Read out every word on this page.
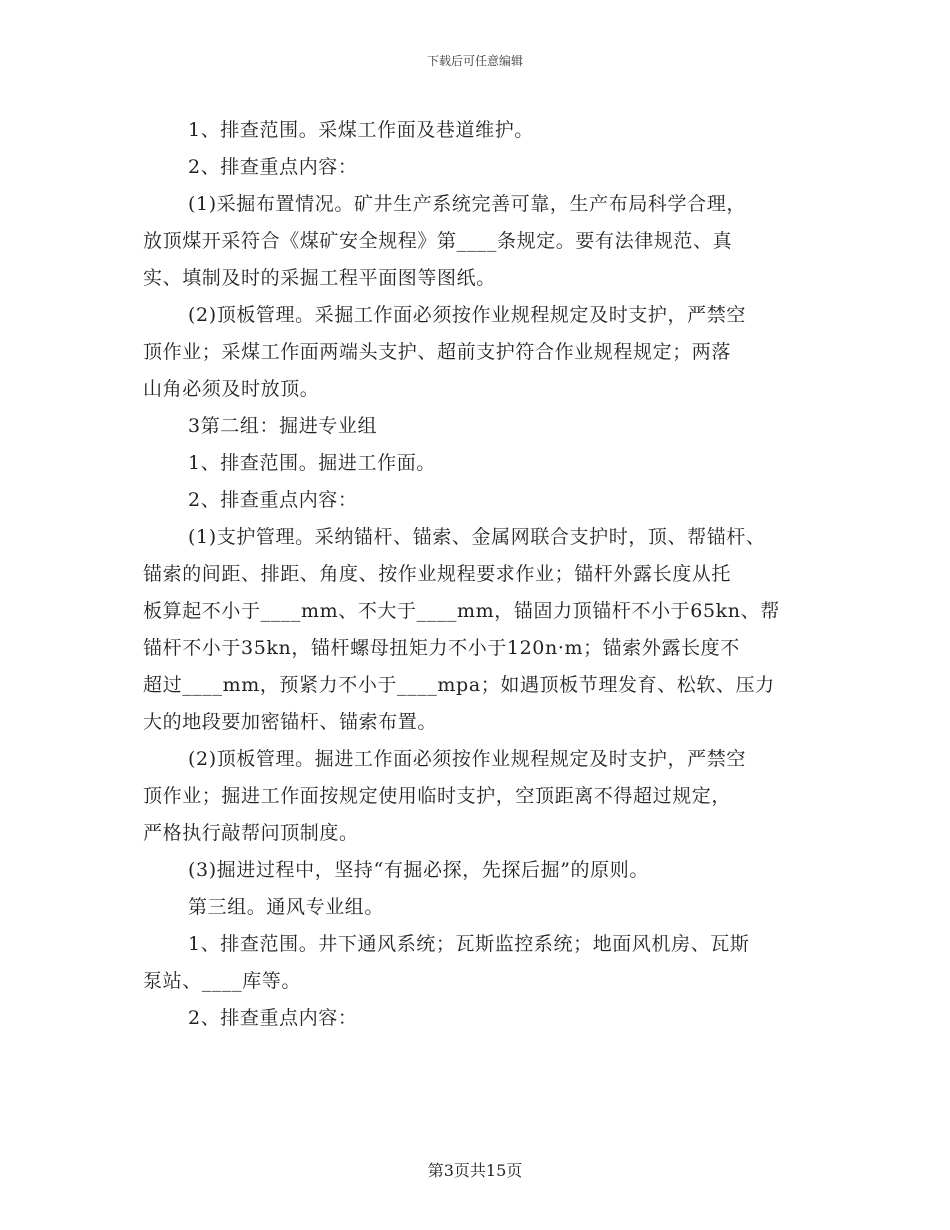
下载后可任意编辑
1、排查范围。采煤工作面及巷道维护。
2、排查重点内容：
(1)采掘布置情况。矿井生产系统完善可靠，生产布局科学合理，
放顶煤开采符合《煤矿安全规程》第____条规定。要有法律规范、真
实、填制及时的采掘工程平面图等图纸。
(2)顶板管理。采掘工作面必须按作业规程规定及时支护，严禁空
顶作业；采煤工作面两端头支护、超前支护符合作业规程规定；两落
山角必须及时放顶。
3第二组：掘进专业组
1、排查范围。掘进工作面。
2、排查重点内容：
(1)支护管理。采纳锚杆、锚索、金属网联合支护时，顶、帮锚杆、
锚索的间距、排距、角度、按作业规程要求作业；锚杆外露长度从托
板算起不小于____mm、不大于____mm，锚固力顶锚杆不小于65kn、帮
锚杆不小于35kn，锚杆螺母扭矩力不小于120n·m；锚索外露长度不
超过____mm，预紧力不小于____mpa；如遇顶板节理发育、松软、压力
大的地段要加密锚杆、锚索布置。
(2)顶板管理。掘进工作面必须按作业规程规定及时支护，严禁空
顶作业；掘进工作面按规定使用临时支护，空顶距离不得超过规定，
严格执行敲帮问顶制度。
(3)掘进过程中，坚持“有掘必探，先探后掘”的原则。
第三组。通风专业组。
1、排查范围。井下通风系统；瓦斯监控系统；地面风机房、瓦斯
泵站、____库等。
2、排查重点内容：
第3页共15页
